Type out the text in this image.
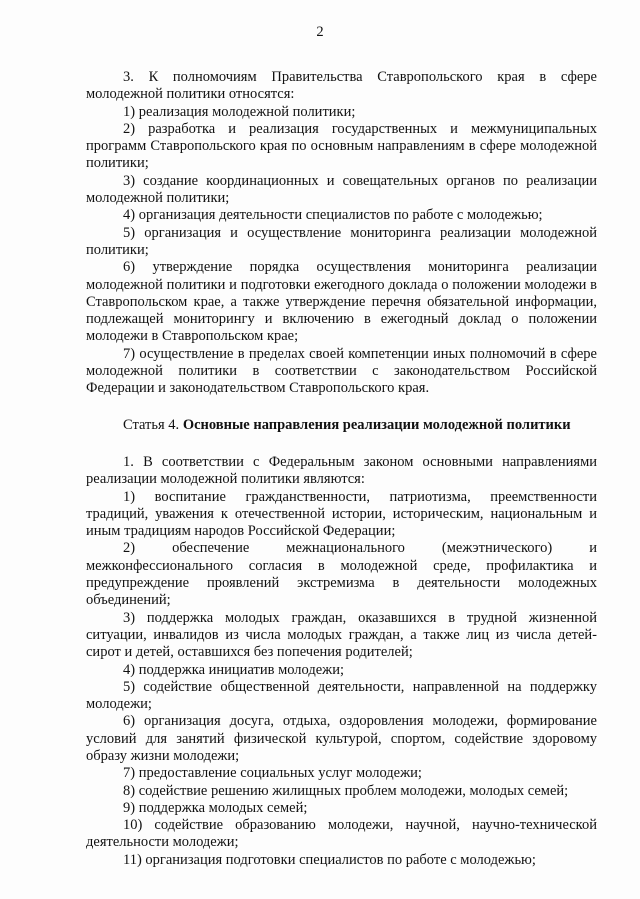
2

3. К полномочиям Правительства Ставропольского края в сфере молодежной политики относятся:

1) реализация молодежной политики;

2) разработка и реализация государственных и межмуниципальных программ Ставропольского края по основным направлениям в сфере молодежной политики;

3) создание координационных и совещательных органов по реализации молодежной политики;

4) организация деятельности специалистов по работе с молодежью;

5) организация и осуществление мониторинга реализации молодежной политики;

6) утверждение порядка осуществления мониторинга реализации молодежной политики и подготовки ежегодного доклада о положении молодежи в Ставропольском крае, а также утверждение перечня обязательной информации, подлежащей мониторингу и включению в ежегодный доклад о положении молодежи в Ставропольском крае;

7) осуществление в пределах своей компетенции иных полномочий в сфере молодежной политики в соответствии с законодательством Российской Федерации и законодательством Ставропольского края.

Статья 4. Основные направления реализации молодежной политики

1. В соответствии с Федеральным законом основными направлениями реализации молодежной политики являются:

1) воспитание гражданственности, патриотизма, преемственности традиций, уважения к отечественной истории, историческим, национальным и иным традициям народов Российской Федерации;

2) обеспечение межнационального (межэтнического) и межконфессионального согласия в молодежной среде, профилактика и предупреждение проявлений экстремизма в деятельности молодежных объединений;

3) поддержка молодых граждан, оказавшихся в трудной жизненной ситуации, инвалидов из числа молодых граждан, а также лиц из числа детей-сирот и детей, оставшихся без попечения родителей;

4) поддержка инициатив молодежи;

5) содействие общественной деятельности, направленной на поддержку молодежи;

6) организация досуга, отдыха, оздоровления молодежи, формирование условий для занятий физической культурой, спортом, содействие здоровому образу жизни молодежи;

7) предоставление социальных услуг молодежи;

8) содействие решению жилищных проблем молодежи, молодых семей;

9) поддержка молодых семей;

10) содействие образованию молодежи, научной, научно-технической деятельности молодежи;

11) организация подготовки специалистов по работе с молодежью;
